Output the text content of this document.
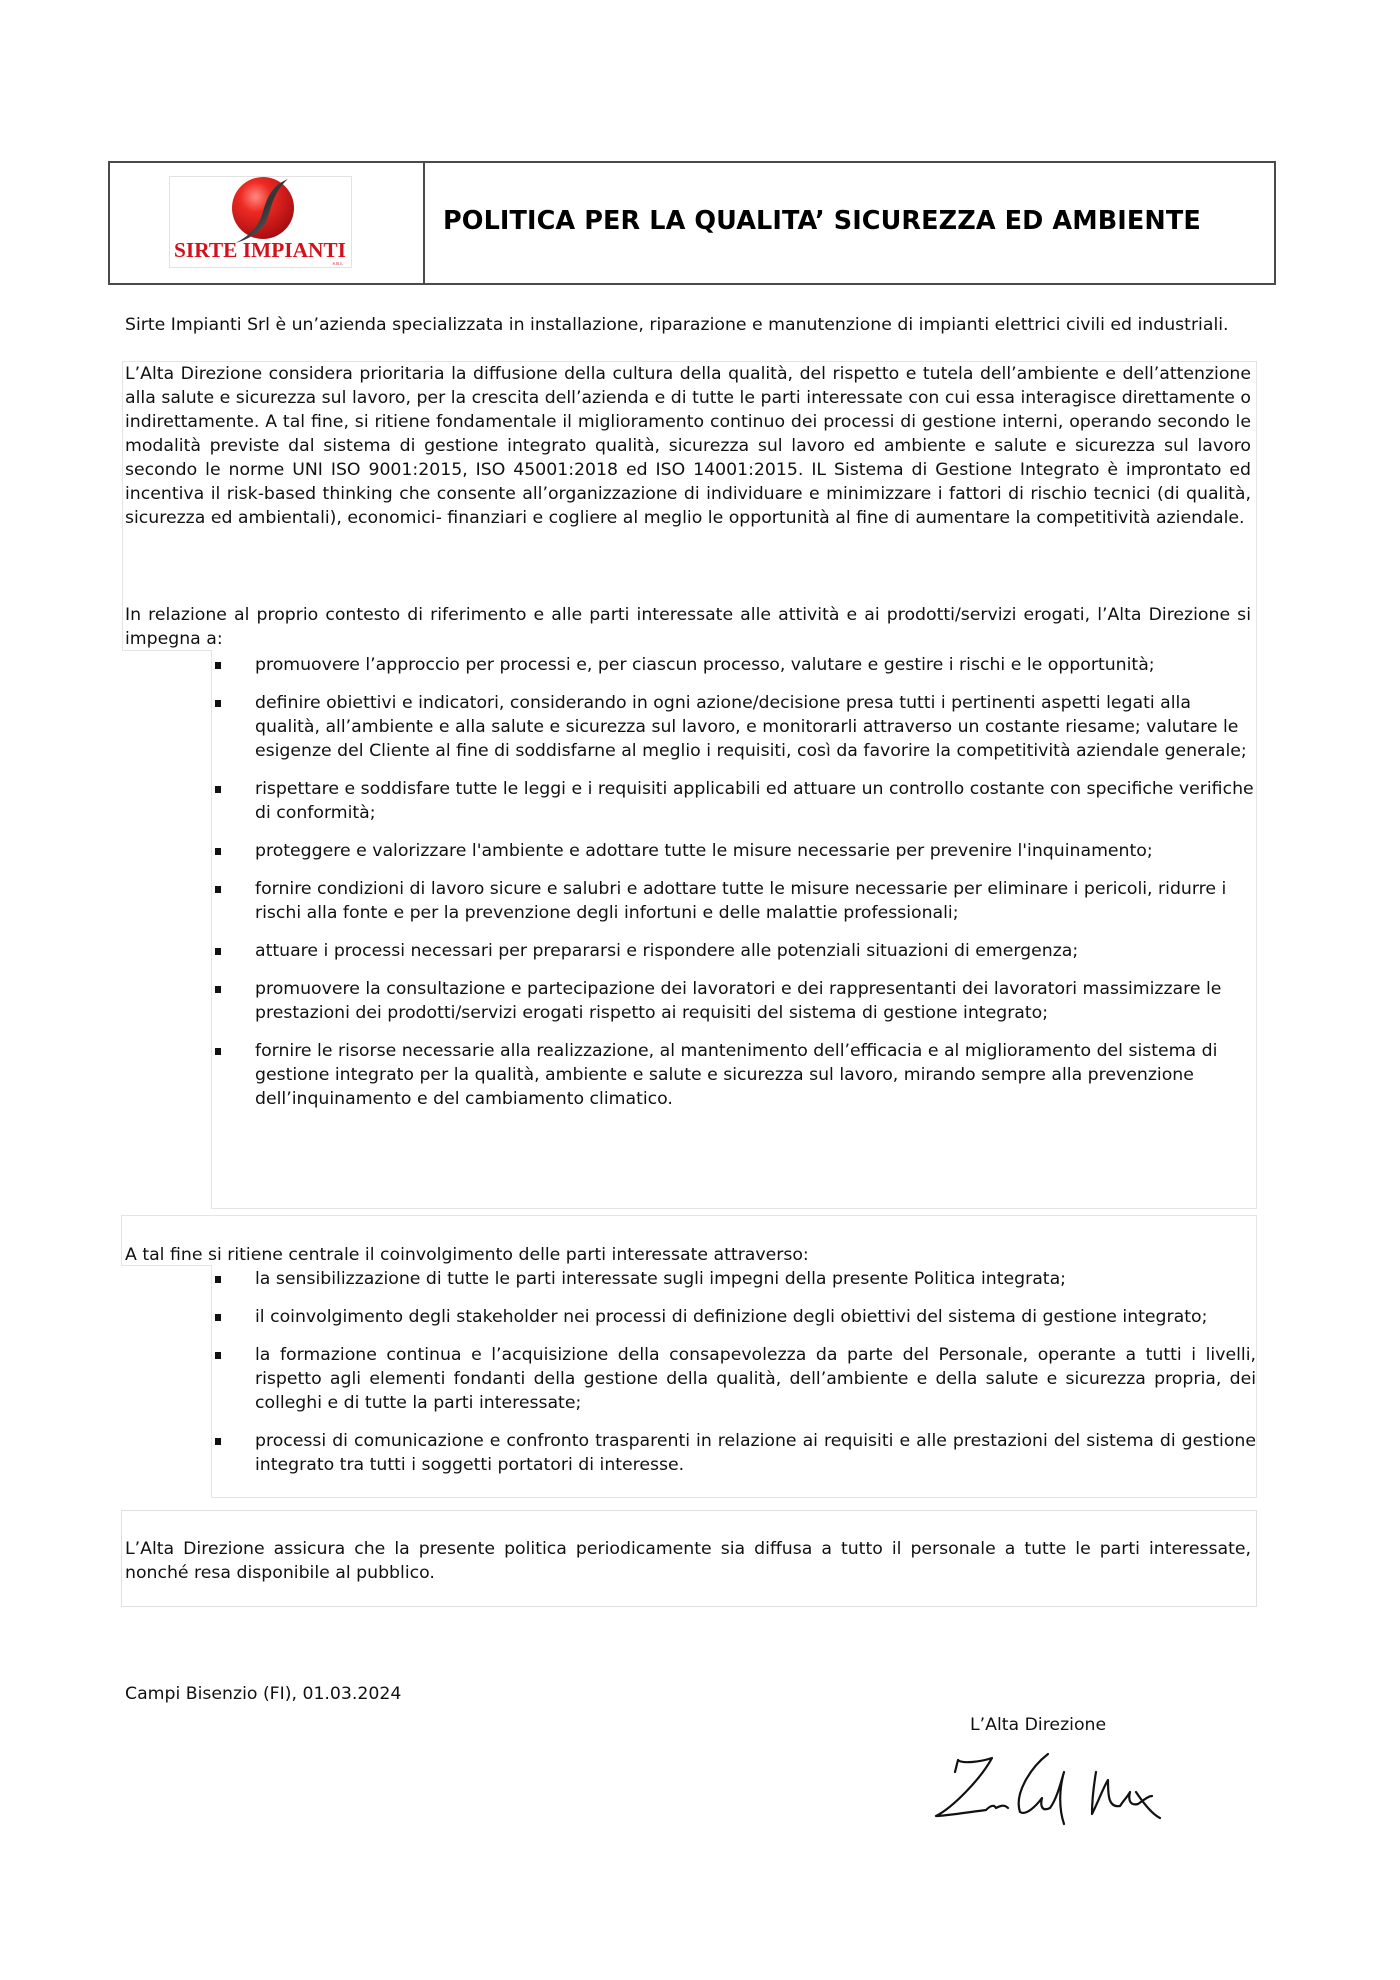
SIRTE IMPIANTI
S.R.L
POLITICA PER LA QUALITA’ SICUREZZA ED AMBIENTE
Sirte Impianti Srl è un’azienda specializzata in installazione, riparazione e manutenzione di impianti elettrici civili ed industriali.
L’Alta Direzione considera prioritaria la diffusione della cultura della qualità, del rispetto e tutela dell’ambiente e dell’attenzione alla salute e sicurezza sul lavoro, per la crescita dell’azienda e di tutte le parti interessate con cui essa interagisce direttamente o indirettamente. A tal fine, si ritiene fondamentale il miglioramento continuo dei processi di gestione interni, operando secondo le modalità previste dal sistema di gestione integrato qualità, sicurezza sul lavoro ed ambiente e salute e sicurezza sul lavoro secondo le norme UNI ISO 9001:2015, ISO 45001:2018 ed ISO 14001:2015. IL Sistema di Gestione Integrato è improntato ed incentiva il risk-based thinking che consente all’organizzazione di individuare e minimizzare i fattori di rischio tecnici (di qualità, sicurezza ed ambientali), economici- finanziari e cogliere al meglio le opportunità al fine di aumentare la competitività aziendale.
In relazione al proprio contesto di riferimento e alle parti interessate alle attività e ai prodotti/servizi erogati, l’Alta Direzione si impegna a:
promuovere l’approccio per processi e, per ciascun processo, valutare e gestire i rischi e le opportunità;
definire obiettivi e indicatori, considerando in ogni azione/decisione presa tutti i pertinenti aspetti legati alla qualità, all’ambiente e alla salute e sicurezza sul lavoro, e monitorarli attraverso un costante riesame; valutare le esigenze del Cliente al fine di soddisfarne al meglio i requisiti, così da favorire la competitività aziendale generale;
rispettare e soddisfare tutte le leggi e i requisiti applicabili ed attuare un controllo costante con specifiche verifiche di conformità;
proteggere e valorizzare l'ambiente e adottare tutte le misure necessarie per prevenire l'inquinamento;
fornire condizioni di lavoro sicure e salubri e adottare tutte le misure necessarie per eliminare i pericoli, ridurre i rischi alla fonte e per la prevenzione degli infortuni e delle malattie professionali;
attuare i processi necessari per prepararsi e rispondere alle potenziali situazioni di emergenza;
promuovere la consultazione e partecipazione dei lavoratori e dei rappresentanti dei lavoratori massimizzare le prestazioni dei prodotti/servizi erogati rispetto ai requisiti del sistema di gestione integrato;
fornire le risorse necessarie alla realizzazione, al mantenimento dell’efficacia e al miglioramento del sistema di gestione integrato per la qualità, ambiente e salute e sicurezza sul lavoro, mirando sempre alla prevenzione dell’inquinamento e del cambiamento climatico.
A tal fine si ritiene centrale il coinvolgimento delle parti interessate attraverso:
la sensibilizzazione di tutte le parti interessate sugli impegni della presente Politica integrata;
il coinvolgimento degli stakeholder nei processi di definizione degli obiettivi del sistema di gestione integrato;
la formazione continua e l’acquisizione della consapevolezza da parte del Personale, operante a tutti i livelli, rispetto agli elementi fondanti della gestione della qualità, dell’ambiente e della salute e sicurezza propria, dei colleghi e di tutte la parti interessate;
processi di comunicazione e confronto trasparenti in relazione ai requisiti e alle prestazioni del sistema di gestione integrato tra tutti i soggetti portatori di interesse.
L’Alta Direzione assicura che la presente politica periodicamente sia diffusa a tutto il personale a tutte le parti interessate, nonché resa disponibile al pubblico.
Campi Bisenzio (FI), 01.03.2024
L’Alta Direzione
